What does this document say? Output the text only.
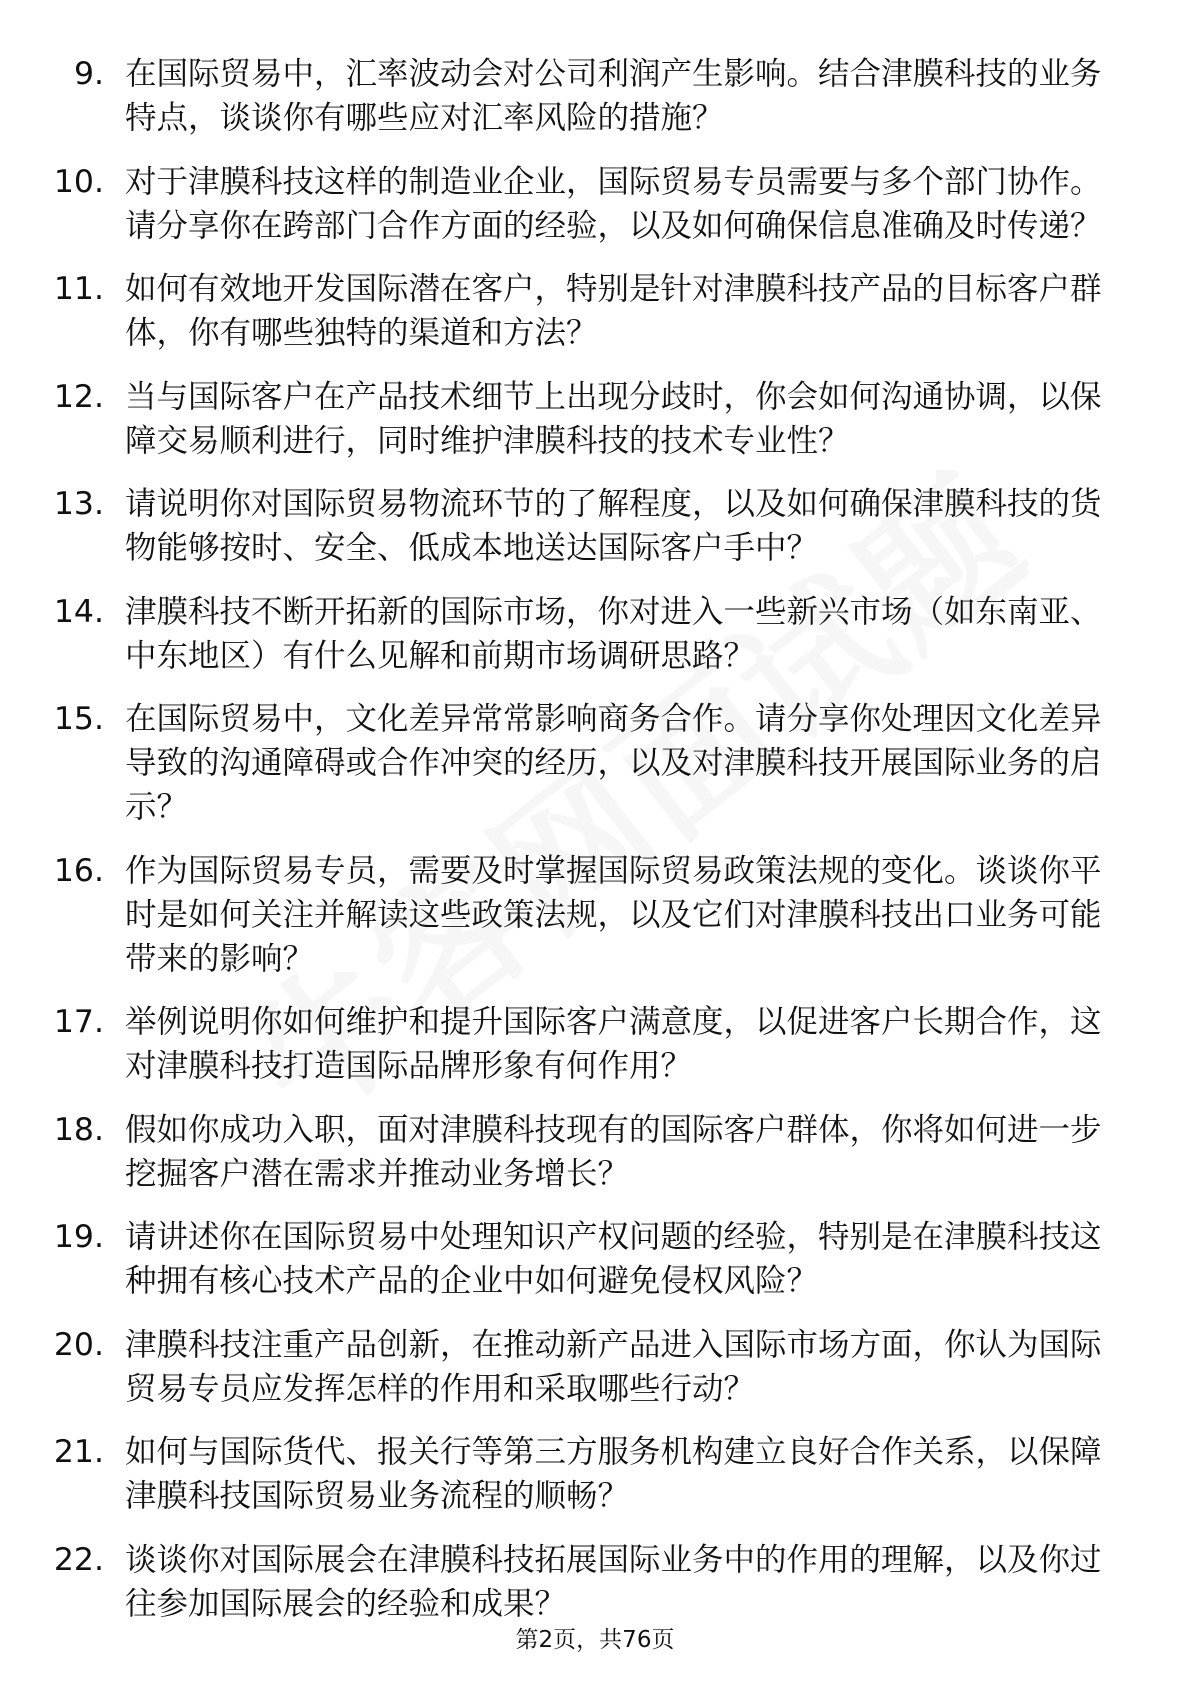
9. 在国际贸易中，汇率波动会对公司利润产生影响。结合津膜科技的业务特点，谈谈你有哪些应对汇率风险的措施？
10. 对于津膜科技这样的制造业企业，国际贸易专员需要与多个部门协作。请分享你在跨部门合作方面的经验，以及如何确保信息准确及时传递？
11. 如何有效地开发国际潜在客户，特别是针对津膜科技产品的目标客户群体，你有哪些独特的渠道和方法？
12. 当与国际客户在产品技术细节上出现分歧时，你会如何沟通协调，以保障交易顺利进行，同时维护津膜科技的技术专业性？
13. 请说明你对国际贸易物流环节的了解程度，以及如何确保津膜科技的货物能够按时、安全、低成本地送达国际客户手中？
14. 津膜科技不断开拓新的国际市场，你对进入一些新兴市场（如东南亚、中东地区）有什么见解和前期市场调研思路？
15. 在国际贸易中，文化差异常常影响商务合作。请分享你处理因文化差异导致的沟通障碍或合作冲突的经历，以及对津膜科技开展国际业务的启示？
16. 作为国际贸易专员，需要及时掌握国际贸易政策法规的变化。谈谈你平时是如何关注并解读这些政策法规，以及它们对津膜科技出口业务可能带来的影响？
17. 举例说明你如何维护和提升国际客户满意度，以促进客户长期合作，这对津膜科技打造国际品牌形象有何作用？
18. 假如你成功入职，面对津膜科技现有的国际客户群体，你将如何进一步挖掘客户潜在需求并推动业务增长？
19. 请讲述你在国际贸易中处理知识产权问题的经验，特别是在津膜科技这种拥有核心技术产品的企业中如何避免侵权风险？
20. 津膜科技注重产品创新，在推动新产品进入国际市场方面，你认为国际贸易专员应发挥怎样的作用和采取哪些行动？
21. 如何与国际货代、报关行等第三方服务机构建立良好合作关系，以保障津膜科技国际贸易业务流程的顺畅？
22. 谈谈你对国际展会在津膜科技拓展国际业务中的作用的理解，以及你过往参加国际展会的经验和成果？
第2页，共76页
